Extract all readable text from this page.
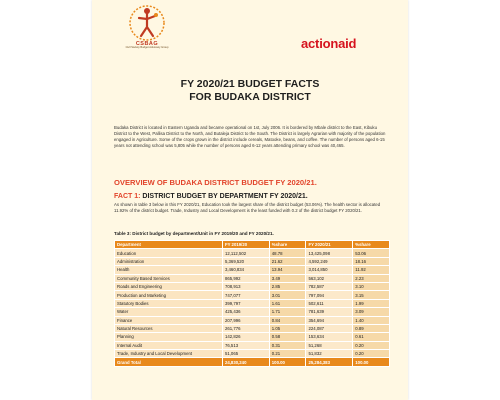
CSBAG
Civil Society Budget Advocacy Group	actionaid
FY 2020/21 BUDGET FACTS
FOR BUDAKA DISTRICT
Budaka District is located in Eastern Uganda and became operational on 1st, July 2006. It is bordered by Mbale district to the East, Kibuku District to the West, Pallisa District to the North, and Butaleja District to the South. The District is largely Agrarian with majority of the population engaged in Agriculture. Some of the crops grown in the district include cereals, Matooke, beans, and coffee. The number of persons aged 6-15 years not attending school was 5,805 while the number of persons aged 6-12 years attending primary school was 40,465.
OVERVIEW OF BUDAKA DISTRICT BUDGET FY 2020/21.
FACT 1: DISTRICT BUDGET BY DEPARTMENT FY 2020/21.
As shown in table 3 below in this FY 2020/21, Education took the largest share of the district budget (53.06%). The health sector is allocated 11.92% of the district budget. Trade, Industry and Local Development is the least funded with 0.2 of the district budget FY 2020/21.
Table 3: District budget by department/Unit in FY 2019/20 and FY 2020/21.
Department	FY 2019/20	%share	FY 2020/21	%share
Education	12,112,502	48.78	13,425,098	53.06
Administration	5,369,520	21.62	4,592,249	18.16
Health	3,460,834	13.94	3,014,850	11.92
Community Based Services	865,992	3.49	563,102	2.23
Roads and Engineering	708,913	2.85	782,587	3.10
Production and Marketing	747,077	3.01	797,094	3.15
Statutory Bodies	399,797	1.61	502,611	1.99
Water	425,436	1.71	781,639	3.09
Finance	207,996	0.84	354,694	1.40
Natural Resources	261,776	1.05	224,087	0.89
Planning	142,826	0.58	153,634	0.61
Internal Audit	76,513	0.31	51,268	0.20
Trade, Industry and Local Development	51,065	0.21	51,832	0.20
Grand Total	24,830,240	100.00	25,284,383	100.00
